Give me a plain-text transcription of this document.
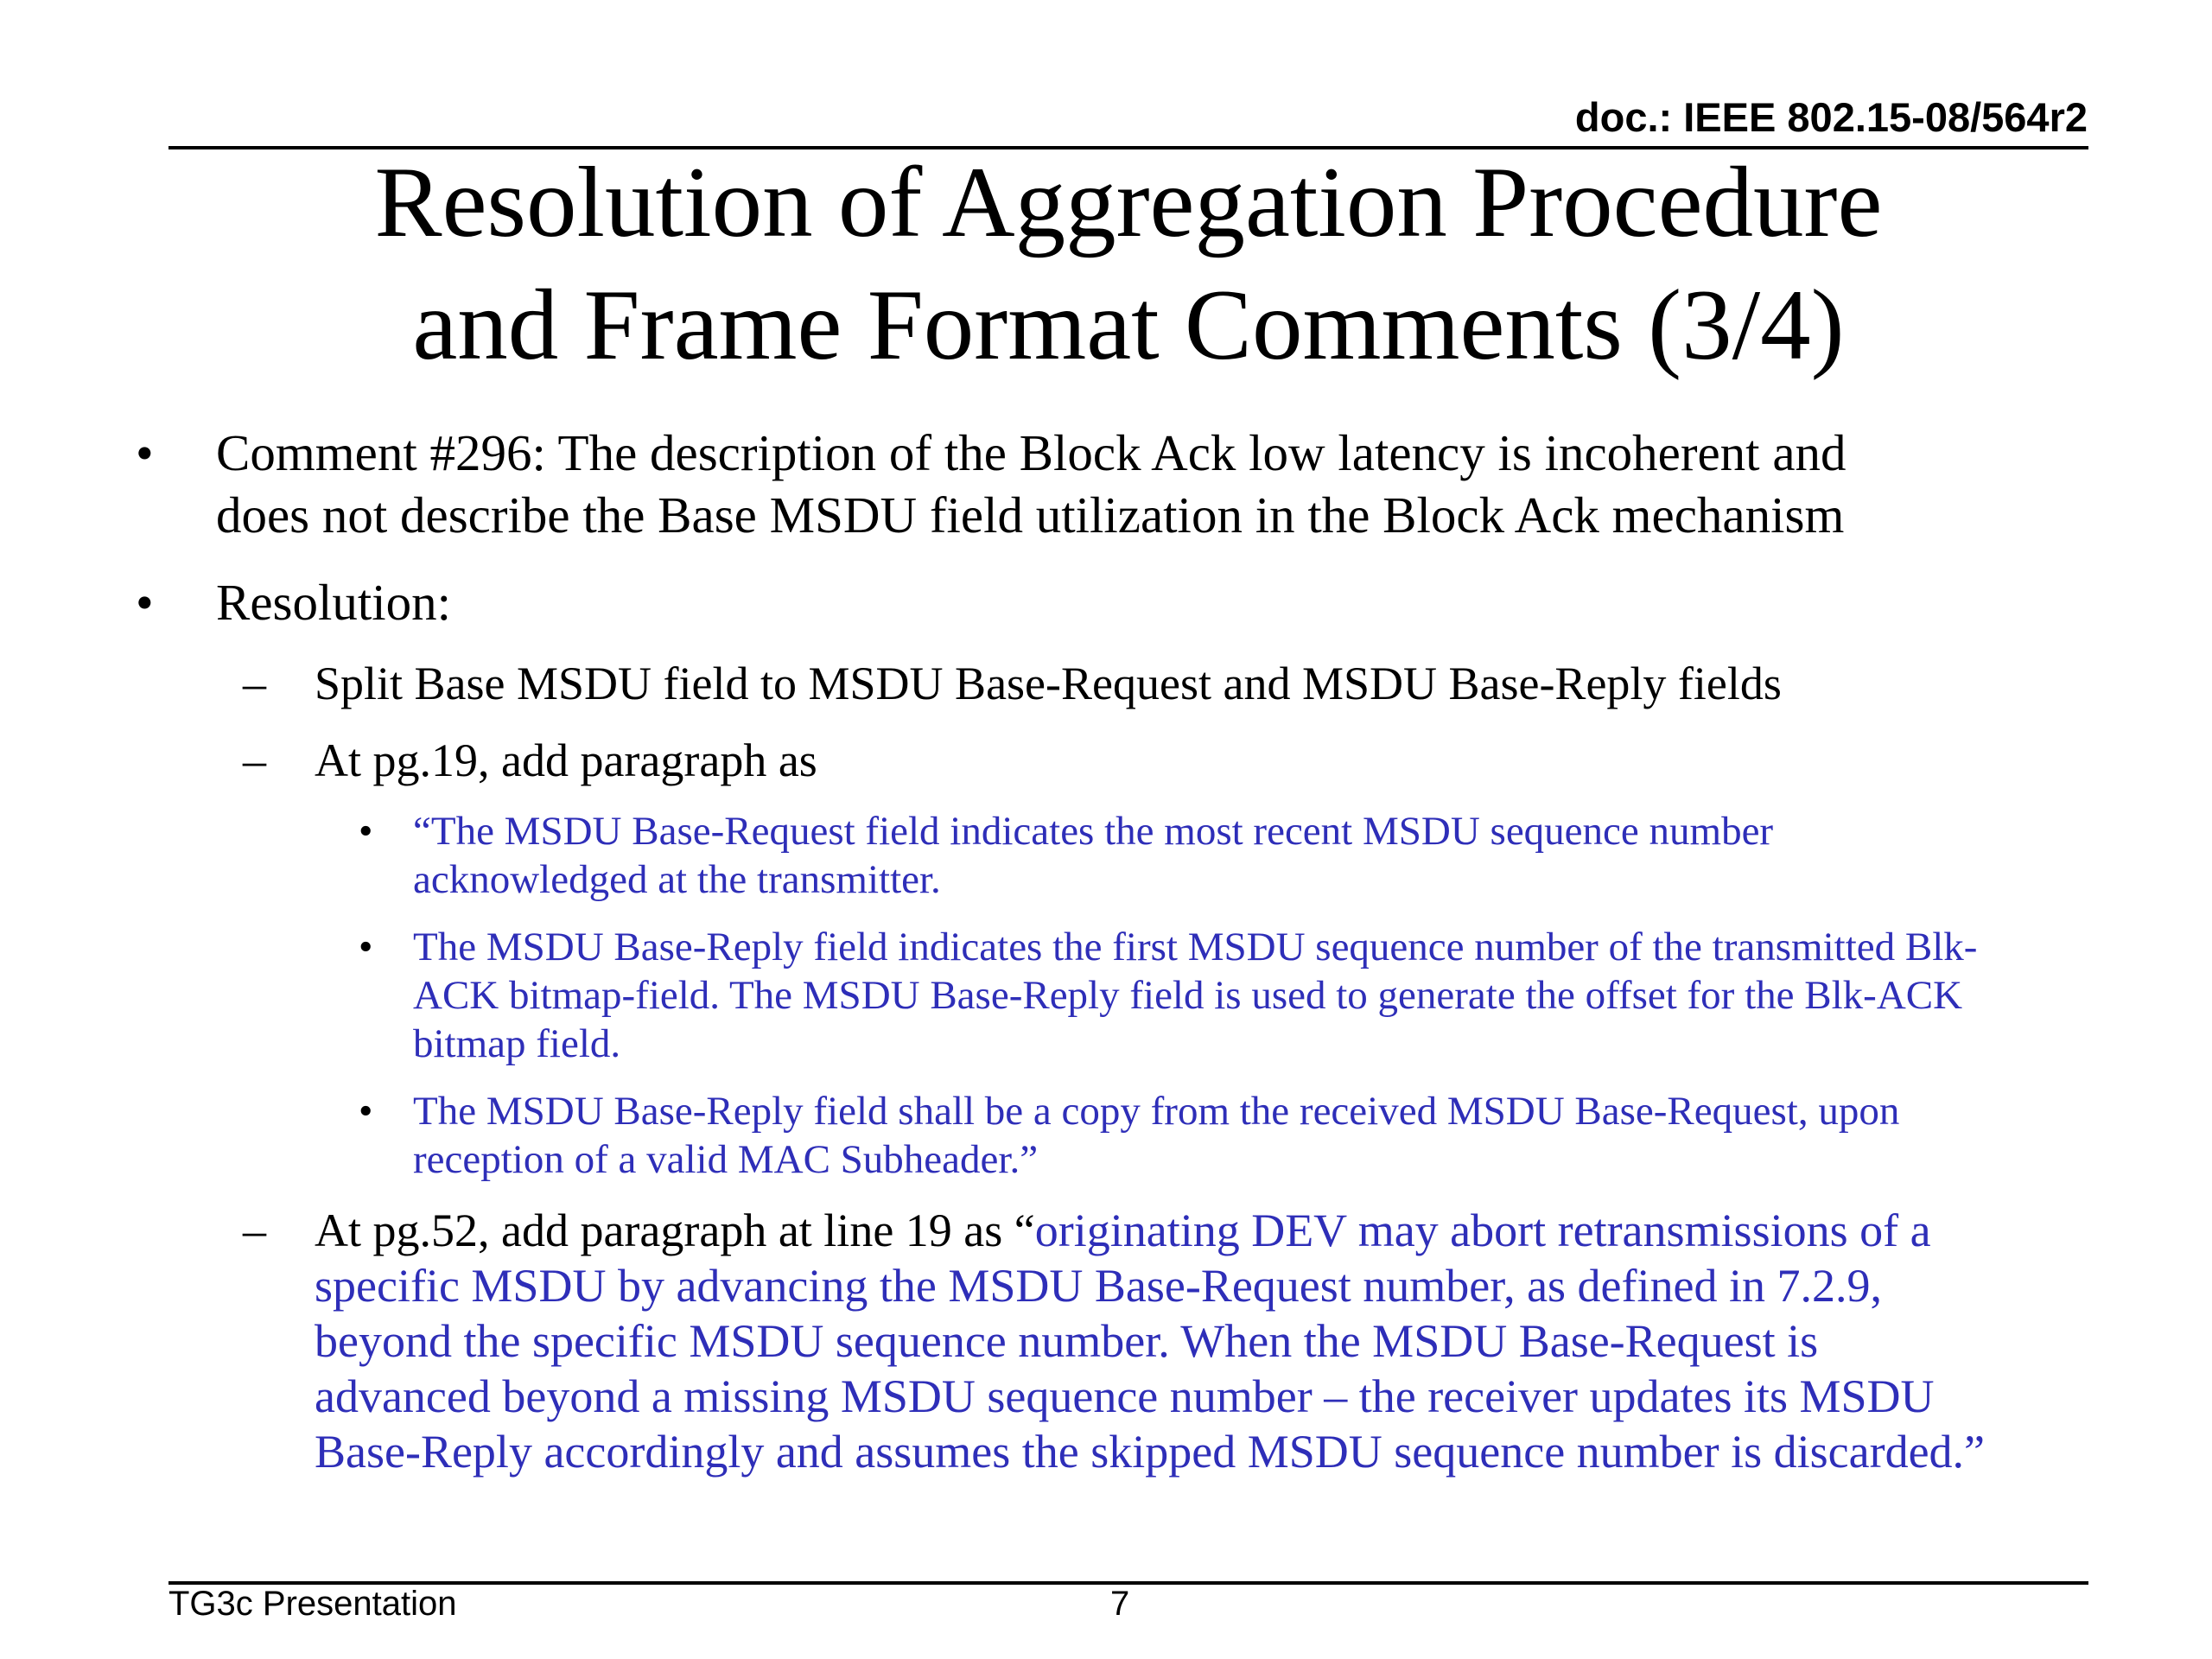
doc.: IEEE 802.15-08/564r2
Resolution of Aggregation Procedure
and Frame Format Comments (3/4)
• Comment #296: The description of the Block Ack low latency is incoherent and
does not describe the Base MSDU field utilization in the Block Ack mechanism
• Resolution:
– Split Base MSDU field to MSDU Base-Request and MSDU Base-Reply fields
– At pg.19, add paragraph as
• “The MSDU Base-Request field indicates the most recent MSDU sequence number
acknowledged at the transmitter.
• The MSDU Base-Reply field indicates the first MSDU sequence number of the transmitted Blk-
ACK bitmap-field. The MSDU Base-Reply field is used to generate the offset for the Blk-ACK
bitmap field.
• The MSDU Base-Reply field shall be a copy from the received MSDU Base-Request, upon
reception of a valid MAC Subheader.”
– At pg.52, add paragraph at line 19 as “originating DEV may abort retransmissions of a
specific MSDU by advancing the MSDU Base-Request number, as defined in 7.2.9,
beyond the specific MSDU sequence number. When the MSDU Base-Request is
advanced beyond a missing MSDU sequence number – the receiver updates its MSDU
Base-Reply accordingly and assumes the skipped MSDU sequence number is discarded.”
TG3c Presentation	7
